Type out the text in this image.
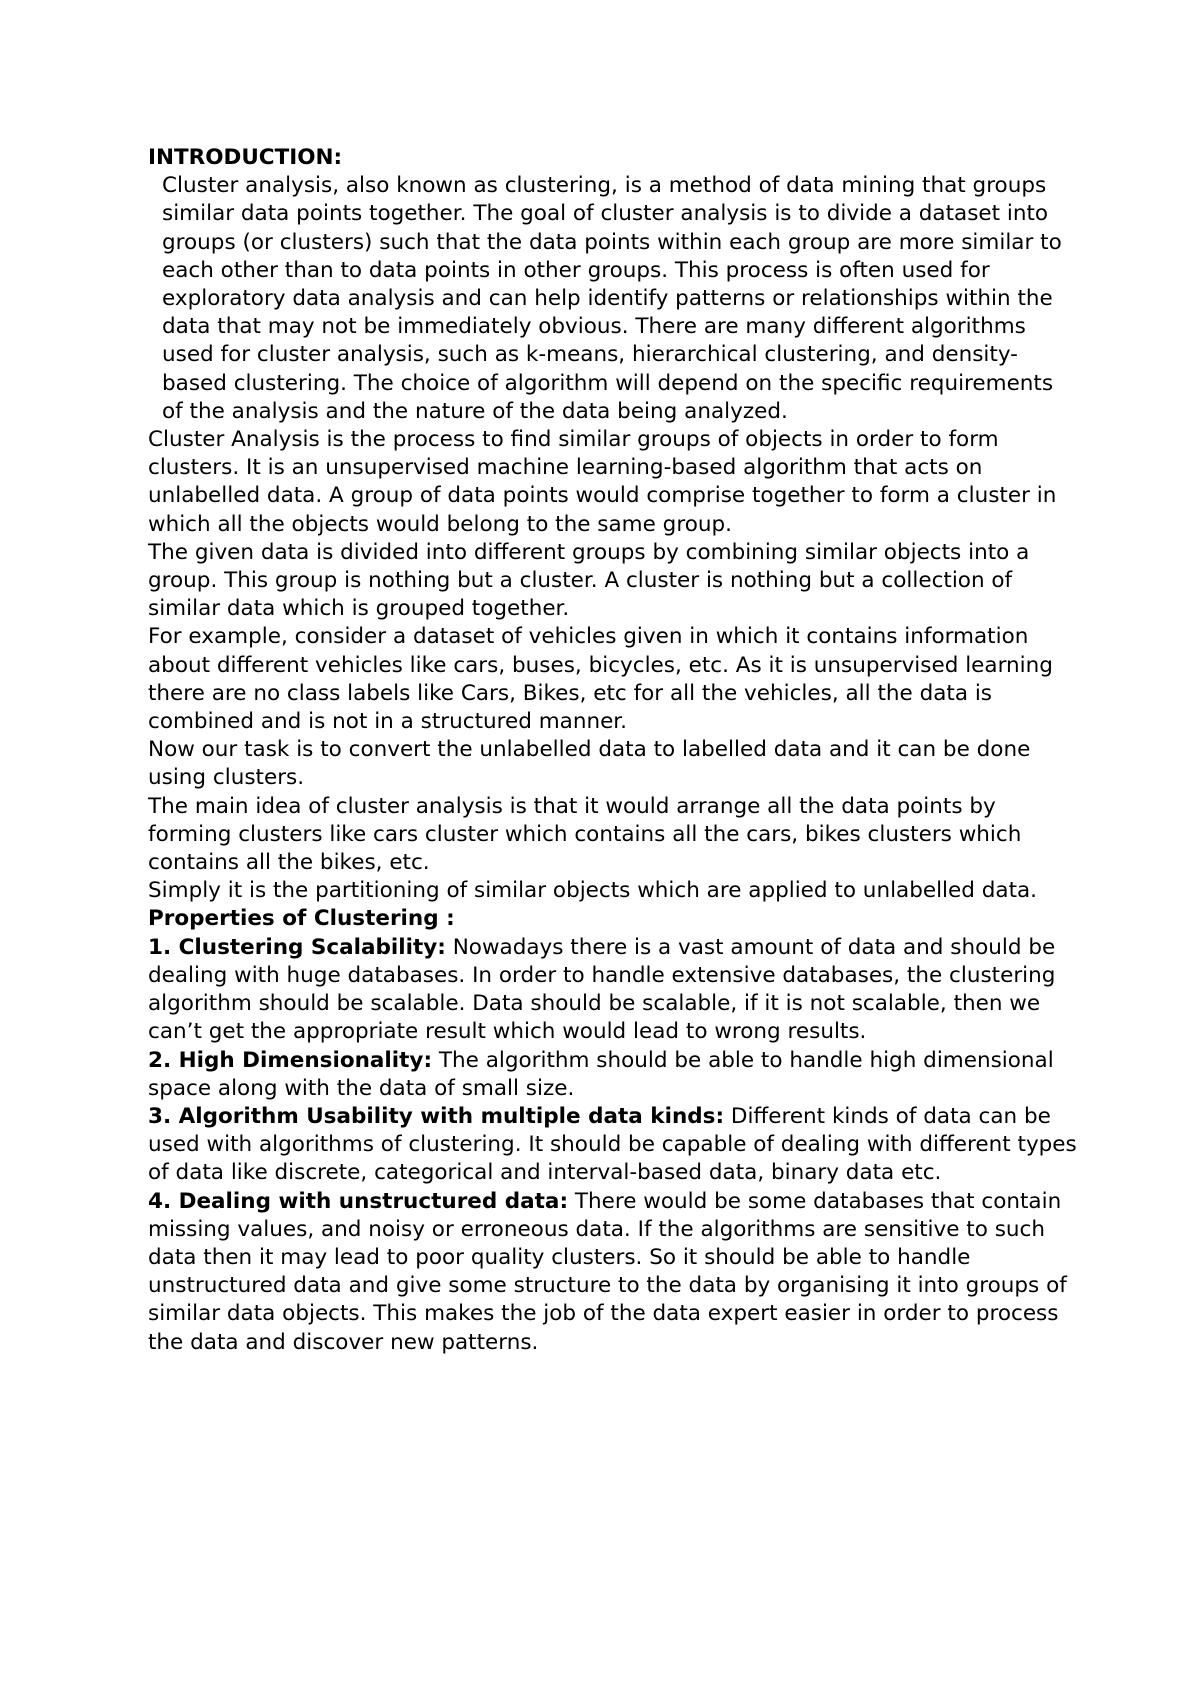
INTRODUCTION:

Cluster analysis, also known as clustering, is a method of data mining that groups similar data points together. The goal of cluster analysis is to divide a dataset into groups (or clusters) such that the data points within each group are more similar to each other than to data points in other groups. This process is often used for exploratory data analysis and can help identify patterns or relationships within the data that may not be immediately obvious. There are many different algorithms used for cluster analysis, such as k-means, hierarchical clustering, and density-based clustering. The choice of algorithm will depend on the specific requirements of the analysis and the nature of the data being analyzed.

Cluster Analysis is the process to find similar groups of objects in order to form clusters. It is an unsupervised machine learning-based algorithm that acts on unlabelled data. A group of data points would comprise together to form a cluster in which all the objects would belong to the same group.

The given data is divided into different groups by combining similar objects into a group. This group is nothing but a cluster. A cluster is nothing but a collection of similar data which is grouped together.

For example, consider a dataset of vehicles given in which it contains information about different vehicles like cars, buses, bicycles, etc. As it is unsupervised learning there are no class labels like Cars, Bikes, etc for all the vehicles, all the data is combined and is not in a structured manner.

Now our task is to convert the unlabelled data to labelled data and it can be done using clusters.

The main idea of cluster analysis is that it would arrange all the data points by forming clusters like cars cluster which contains all the cars, bikes clusters which contains all the bikes, etc.

Simply it is the partitioning of similar objects which are applied to unlabelled data.

Properties of Clustering :

1. Clustering Scalability: Nowadays there is a vast amount of data and should be dealing with huge databases. In order to handle extensive databases, the clustering algorithm should be scalable. Data should be scalable, if it is not scalable, then we can’t get the appropriate result which would lead to wrong results.

2. High Dimensionality: The algorithm should be able to handle high dimensional space along with the data of small size.

3. Algorithm Usability with multiple data kinds: Different kinds of data can be used with algorithms of clustering. It should be capable of dealing with different types of data like discrete, categorical and interval-based data, binary data etc.

4. Dealing with unstructured data: There would be some databases that contain missing values, and noisy or erroneous data. If the algorithms are sensitive to such data then it may lead to poor quality clusters. So it should be able to handle unstructured data and give some structure to the data by organising it into groups of similar data objects. This makes the job of the data expert easier in order to process the data and discover new patterns.
